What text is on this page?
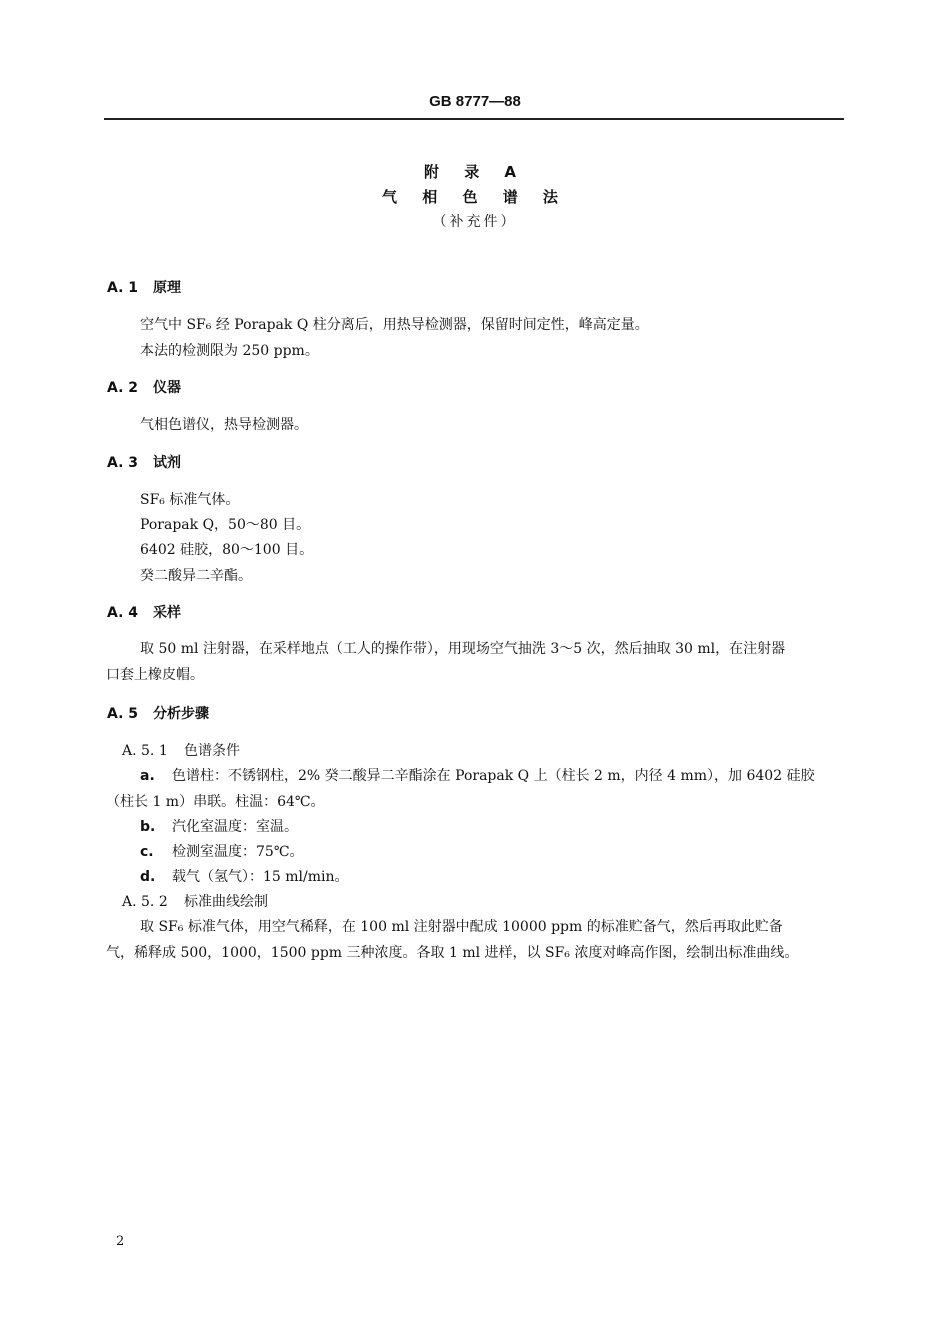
GB 8777—88
附 录 A
气 相 色 谱 法
（补充件）
A. 1 原理
空气中 SF₆ 经 Porapak Q 柱分离后，用热导检测器，保留时间定性，峰高定量。
本法的检测限为 250 ppm。
A. 2 仪器
气相色谱仪，热导检测器。
A. 3 试剂
SF₆ 标准气体。
Porapak Q，50～80 目。
6402 硅胶，80～100 目。
癸二酸异二辛酯。
A. 4 采样
取 50 ml 注射器，在采样地点（工人的操作带），用现场空气抽洗 3～5 次，然后抽取 30 ml，在注射器
口套上橡皮帽。
A. 5 分析步骤
A. 5. 1 色谱条件
a. 色谱柱：不锈钢柱，2% 癸二酸异二辛酯涂在 Porapak Q 上（柱长 2 m，内径 4 mm），加 6402 硅胶
（柱长 1 m）串联。柱温：64℃。
b. 汽化室温度：室温。
c. 检测室温度：75℃。
d. 载气（氢气）：15 ml/min。
A. 5. 2 标准曲线绘制
取 SF₆ 标准气体，用空气稀释，在 100 ml 注射器中配成 10000 ppm 的标准贮备气，然后再取此贮备
气，稀释成 500，1000，1500 ppm 三种浓度。各取 1 ml 进样，以 SF₆ 浓度对峰高作图，绘制出标准曲线。
2
